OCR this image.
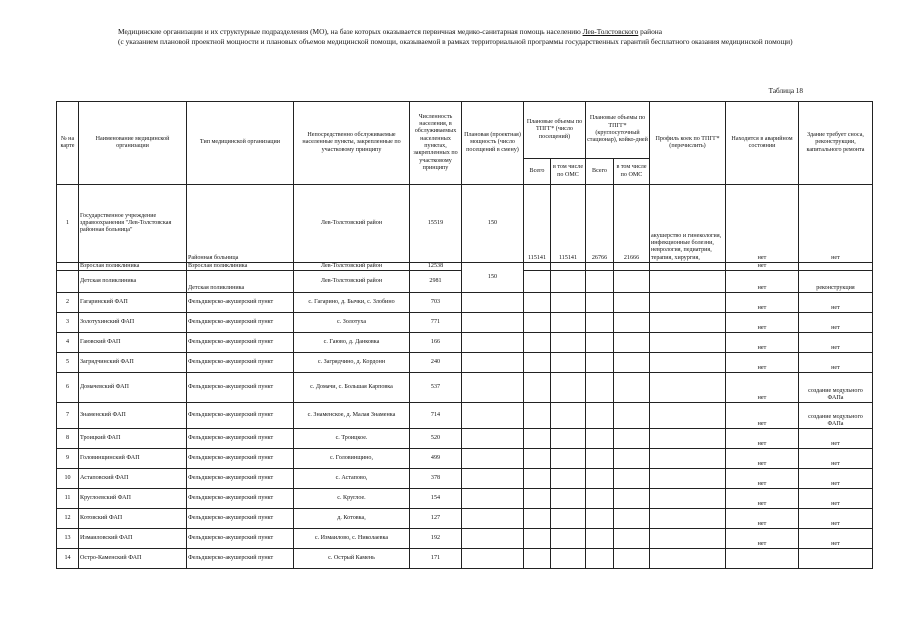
Медицинские организации и их структурные подразделения (МО), на базе которых оказывается первичная медико-санитарная помощь населению Лев-Толстовского района
(с указанием плановой проектной мощности и плановых объемов медицинской помощи, оказываемой в рамках территориальной программы государственных гарантий бесплатного оказания медицинской помощи)
Таблица 18
№ на карте	Наименование медицинской организации	Тип медицинской организации	Непосредственно обслуживаемые населенные пункты, закрепленные по участковому принципу	Численность населения, в обслуживаемых населенных пунктах, закрепленных по участковому принципу	Плановая (проектная) мощность (число посещений в смену)	Плановые объемы по ТПГГ* (число посещений)		Плановые объемы по ТПГГ* (круглосуточный стационар), койко-дней		Профиль коек по ТПГГ* (перечислить)	Находится в аварийном состоянии	Здание требует сноса, реконструкции, капитального ремонта
						Всего	в том числе по ОМС	Всего	в том числе по ОМС			
1	Государственное учреждение здравоохранения "Лев-Толстовская районная больница"	Районная больница	Лев-Толстовский район	15519	150	115141	115141	26766	21666	акушерство и гинекология, инфекционные болезни, неврология, педиатрия, терапия, хирургия,	нет	нет
	Взрослая поликлиника	Взрослая поликлиника	Лев-Толстовский район	12538	150						нет	
	Детская поликлиника	Детская поликлиника	Лев-Толстовский район	2981							нет	реконструкция
2	Гагаринский ФАП	Фельдшерско-акушерский пункт	с. Гагарино, д. Бычки, с. Злобино	703							нет	нет
3	Золотухинский ФАП	Фельдшерско-акушерский пункт	с. Золотуха	771							нет	нет
4	Гаювский ФАП	Фельдшерско-акушерский пункт	с. Гаюво, д. Данковка	166							нет	нет
5	Загрядчинский ФАП	Фельдшерско-акушерский пункт	с. Загрядчино, д. Кордонн	240							нет	нет
6	Домачевский ФАП	Фельдшерско-акушерский пункт	с. Домачи, с. Большая Карповка	537							нет	создание модульного ФАПа
7	Знаменский ФАП	Фельдшерско-акушерский пункт	с. Знаменское, д. Малая Знаменка	714							нет	создание модульного ФАПа
8	Троицкий ФАП	Фельдшерско-акушерский пункт	с. Троицкое.	520							нет	нет
9	Головинщинский ФАП	Фельдшерско-акушерский пункт	с. Головинщино,	499							нет	нет
10	Астаповский ФАП	Фельдшерско-акушерский пункт	с. Астапово,	378							нет	нет
11	Круглоевский ФАП	Фельдшерско-акушерский пункт	с. Круглое.	154							нет	нет
12	Котовский ФАП	Фельдшерско-акушерский пункт	д. Котовка,	127							нет	нет
13	Измаиловский ФАП	Фельдшерско-акушерский пункт	с. Измаилово, с. Николаевка	192							нет	нет
14	Остро-Каменский ФАП	Фельдшерско-акушерский пункт	с. Острый Камень	171								
